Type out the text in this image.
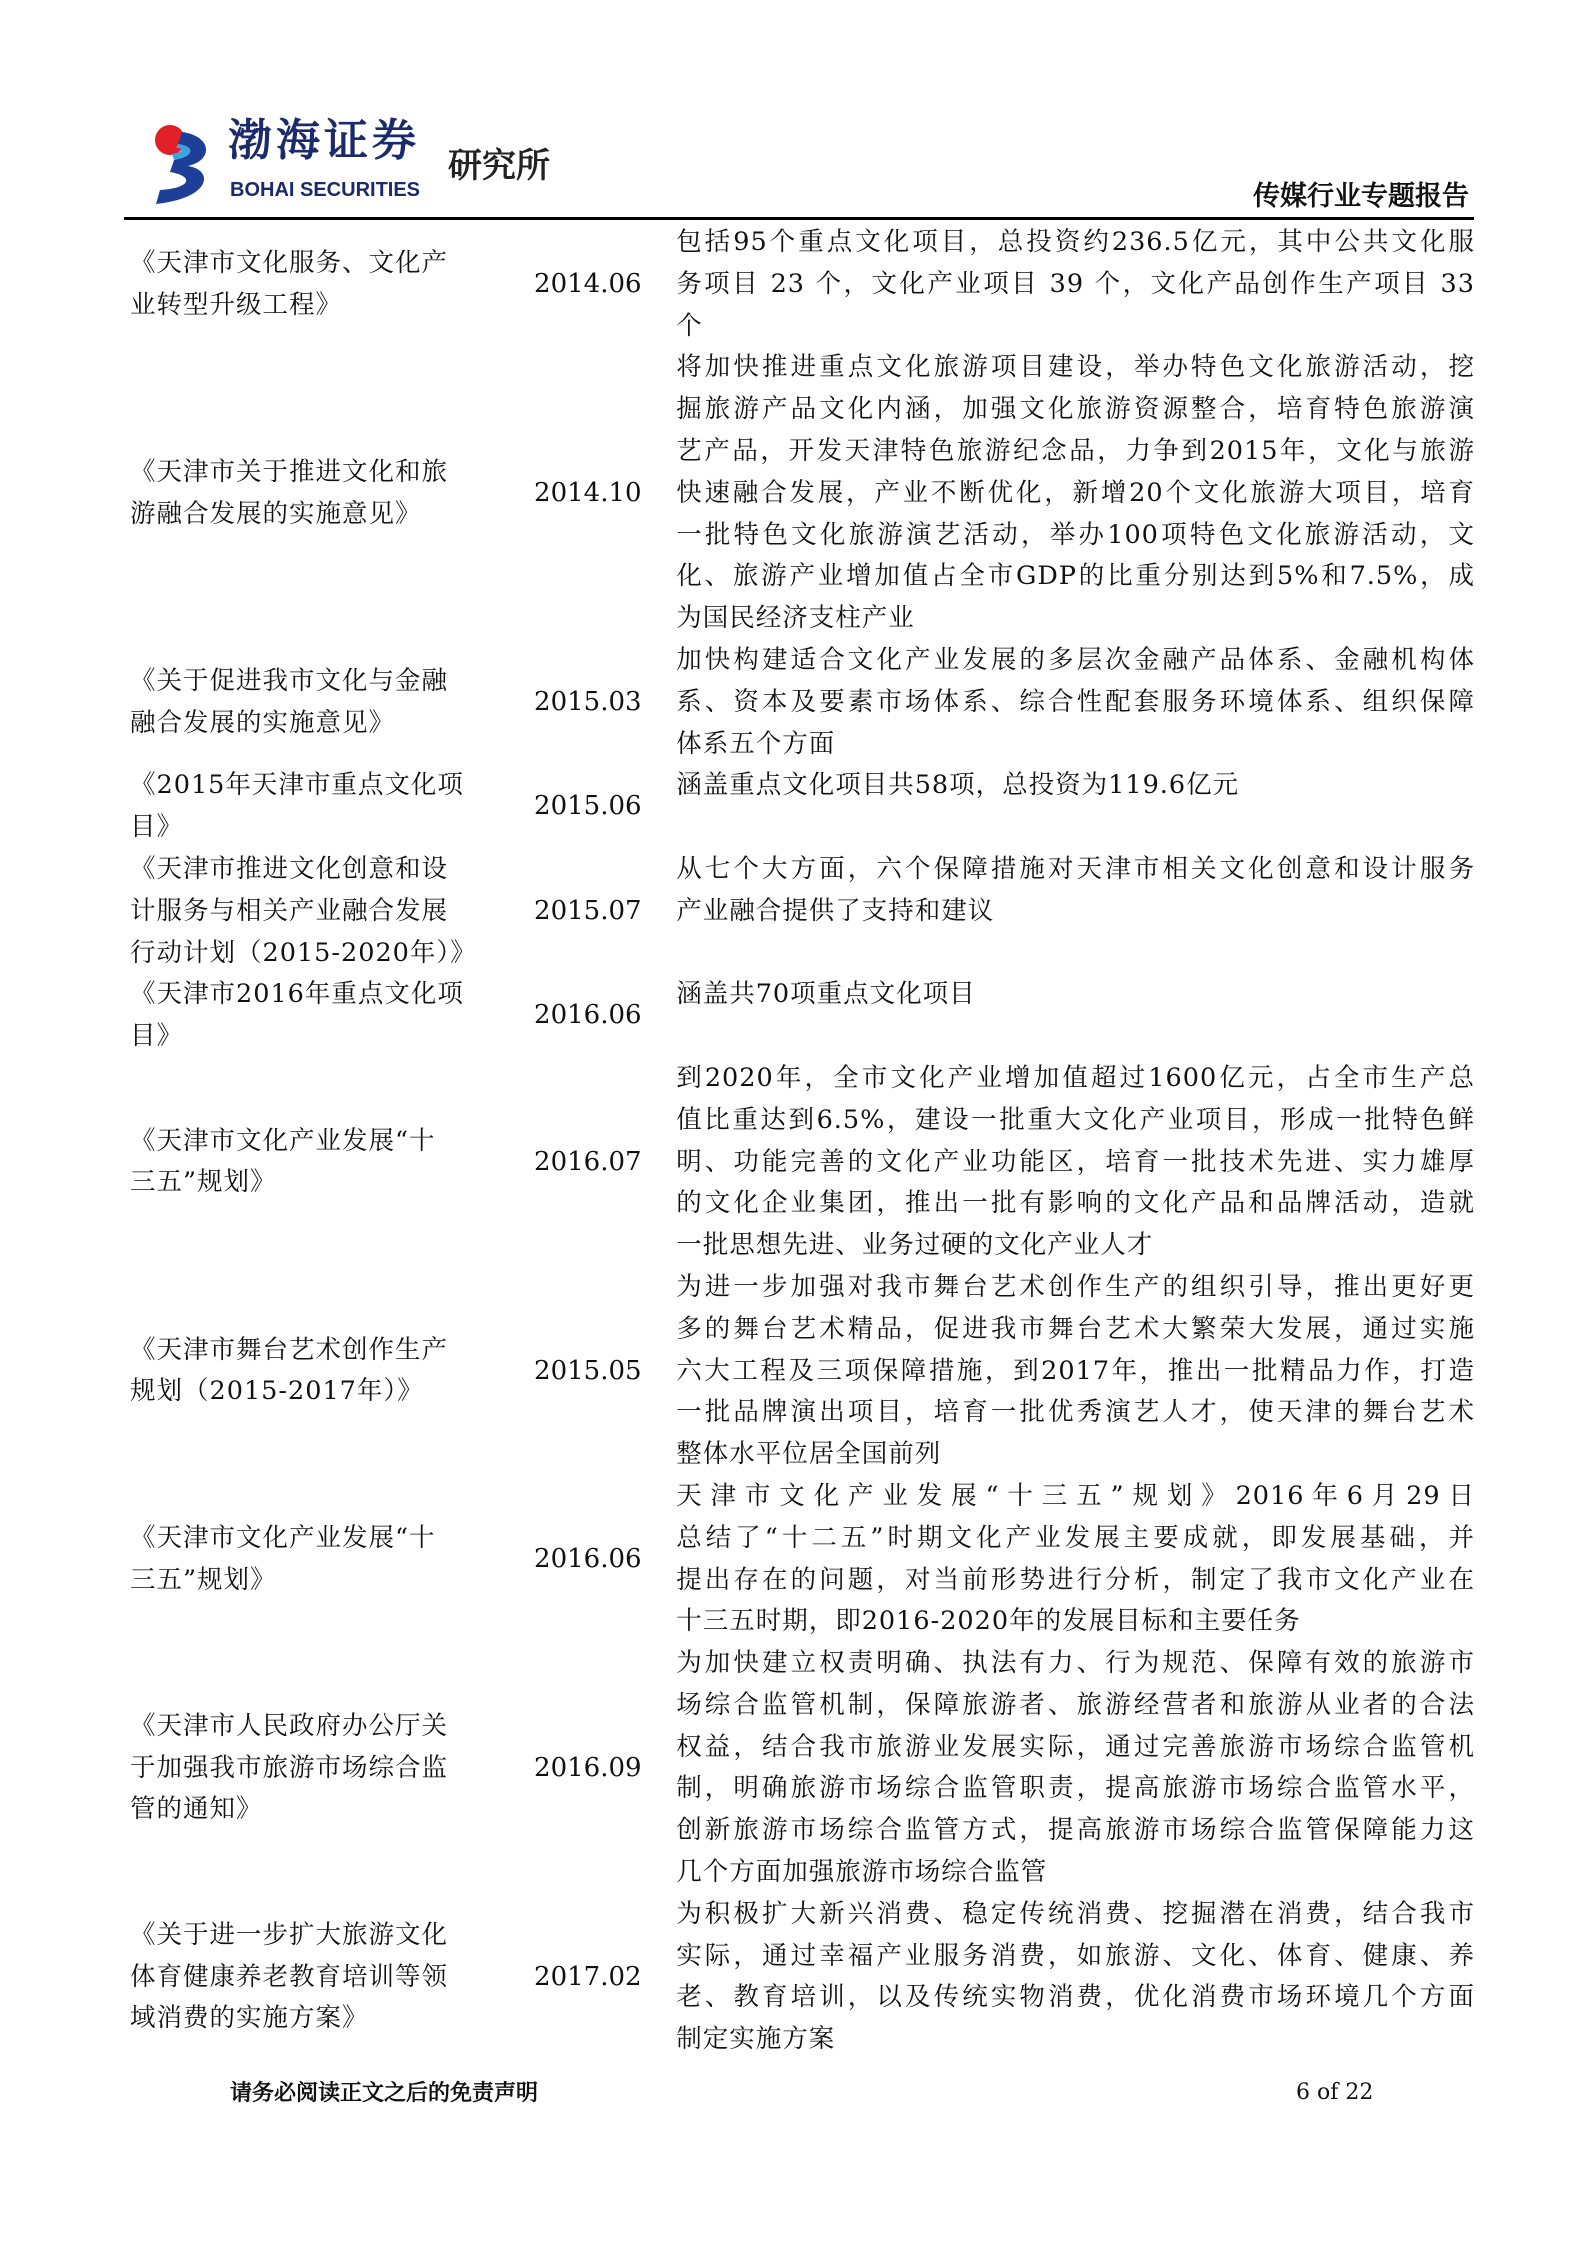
渤海证券
BOHAI SECURITIES
研究所
传媒行业专题报告
《天津市文化服务、文化产
业转型升级工程》
2014.06
包括95个重点文化项目，总投资约236.5亿元，其中公共文化服
务项目 23 个，文化产业项目 39 个，文化产品创作生产项目 33
个
《天津市关于推进文化和旅
游融合发展的实施意见》
2014.10
将加快推进重点文化旅游项目建设，举办特色文化旅游活动，挖
掘旅游产品文化内涵，加强文化旅游资源整合，培育特色旅游演
艺产品，开发天津特色旅游纪念品，力争到2015年，文化与旅游
快速融合发展，产业不断优化，新增20个文化旅游大项目，培育
一批特色文化旅游演艺活动，举办100项特色文化旅游活动，文
化、旅游产业增加值占全市GDP的比重分别达到5%和7.5%，成
为国民经济支柱产业
《关于促进我市文化与金融
融合发展的实施意见》
2015.03
加快构建适合文化产业发展的多层次金融产品体系、金融机构体
系、资本及要素市场体系、综合性配套服务环境体系、组织保障
体系五个方面
《2015年天津市重点文化项
目》
2015.06
涵盖重点文化项目共58项，总投资为119.6亿元
《天津市推进文化创意和设
计服务与相关产业融合发展
行动计划（2015-2020年）》
2015.07
从七个大方面，六个保障措施对天津市相关文化创意和设计服务
产业融合提供了支持和建议
《天津市2016年重点文化项
目》
2016.06
涵盖共70项重点文化项目
《天津市文化产业发展“十
三五”规划》
2016.07
到2020年，全市文化产业增加值超过1600亿元，占全市生产总
值比重达到6.5%，建设一批重大文化产业项目，形成一批特色鲜
明、功能完善的文化产业功能区，培育一批技术先进、实力雄厚
的文化企业集团，推出一批有影响的文化产品和品牌活动，造就
一批思想先进、业务过硬的文化产业人才
《天津市舞台艺术创作生产
规划（2015-2017年）》
2015.05
为进一步加强对我市舞台艺术创作生产的组织引导，推出更好更
多的舞台艺术精品，促进我市舞台艺术大繁荣大发展，通过实施
六大工程及三项保障措施，到2017年，推出一批精品力作，打造
一批品牌演出项目，培育一批优秀演艺人才，使天津的舞台艺术
整体水平位居全国前列
《天津市文化产业发展“十
三五”规划》
2016.06
天津市文化产业发展“十三五”规划》2016年6月29日
总结了“十二五”时期文化产业发展主要成就，即发展基础，并
提出存在的问题，对当前形势进行分析，制定了我市文化产业在
十三五时期，即2016-2020年的发展目标和主要任务
《天津市人民政府办公厅关
于加强我市旅游市场综合监
管的通知》
2016.09
为加快建立权责明确、执法有力、行为规范、保障有效的旅游市
场综合监管机制，保障旅游者、旅游经营者和旅游从业者的合法
权益，结合我市旅游业发展实际，通过完善旅游市场综合监管机
制，明确旅游市场综合监管职责，提高旅游市场综合监管水平，
创新旅游市场综合监管方式，提高旅游市场综合监管保障能力这
几个方面加强旅游市场综合监管
《关于进一步扩大旅游文化
体育健康养老教育培训等领
域消费的实施方案》
2017.02
为积极扩大新兴消费、稳定传统消费、挖掘潜在消费，结合我市
实际，通过幸福产业服务消费，如旅游、文化、体育、健康、养
老、教育培训，以及传统实物消费，优化消费市场环境几个方面
制定实施方案
请务必阅读正文之后的免责声明	6 of 22
